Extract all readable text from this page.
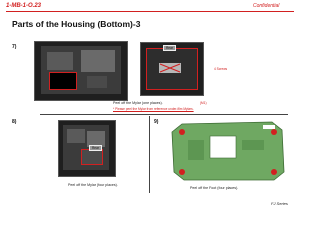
1-MB-1-O.23	Confidential
Parts of the Housing (Bottom)-3
7)	Rear
4 Screws
Peel off the Mylar (one places).	(M1)
* Please peel the Mylar from reference under-film Mylars.
8)
Rear
Peel off the Mylar (four places).
9)
Peel off the Foot (four places).
FJ Series
